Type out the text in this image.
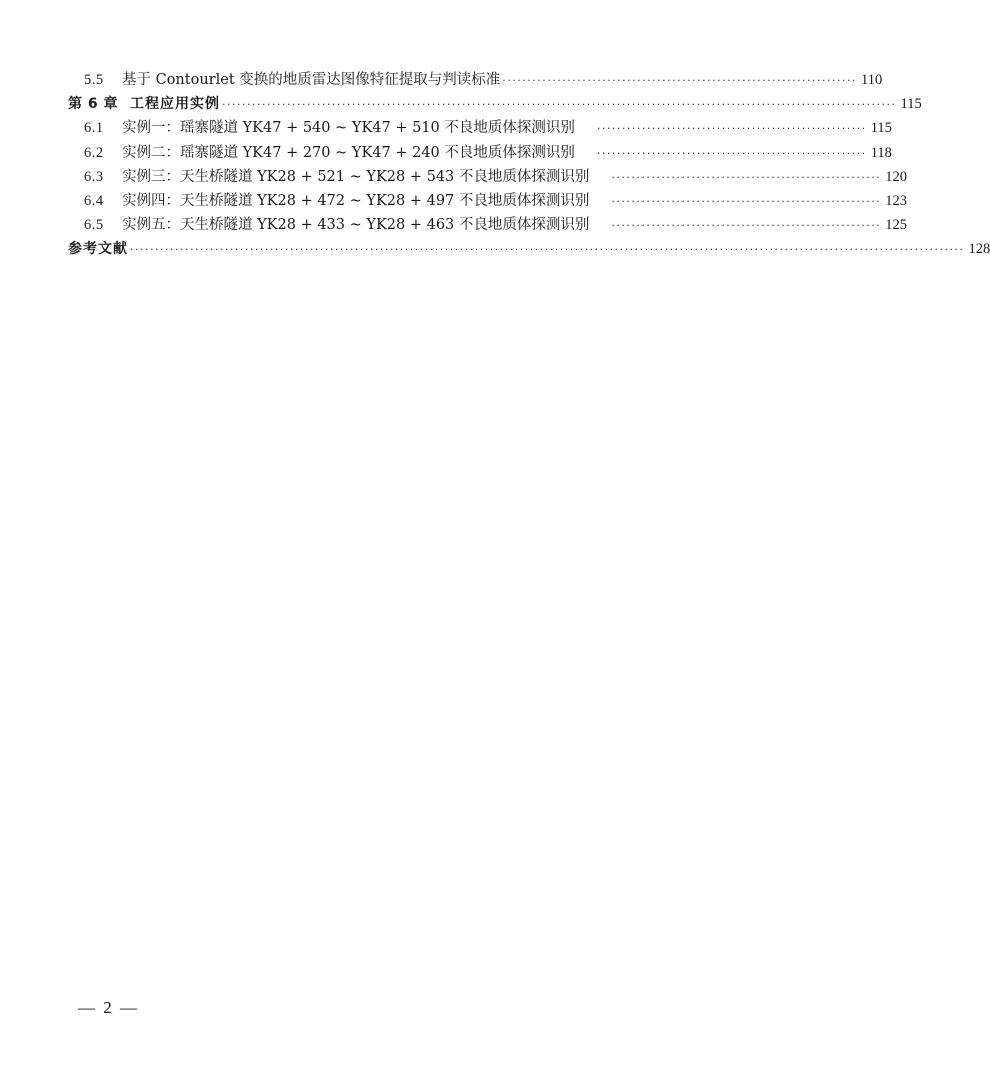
5.5	基于 Contourlet 变换的地质雷达图像特征提取与判读标准 ······································································· 110
第 6 章 工程应用实例 ······································································································································· 115
6.1	实例一：瑶寨隧道 YK47 + 540 ~ YK47 + 510 不良地质体探测识别 ······················································ 115
6.2	实例二：瑶寨隧道 YK47 + 270 ~ YK47 + 240 不良地质体探测识别 ······················································ 118
6.3	实例三：天生桥隧道 YK28 + 521 ~ YK28 + 543 不良地质体探测识别 ······················································ 120
6.4	实例四：天生桥隧道 YK28 + 472 ~ YK28 + 497 不良地质体探测识别 ······················································ 123
6.5	实例五：天生桥隧道 YK28 + 433 ~ YK28 + 463 不良地质体探测识别 ······················································ 125
参考文献 ······································································································································································· 128
— 2 —
